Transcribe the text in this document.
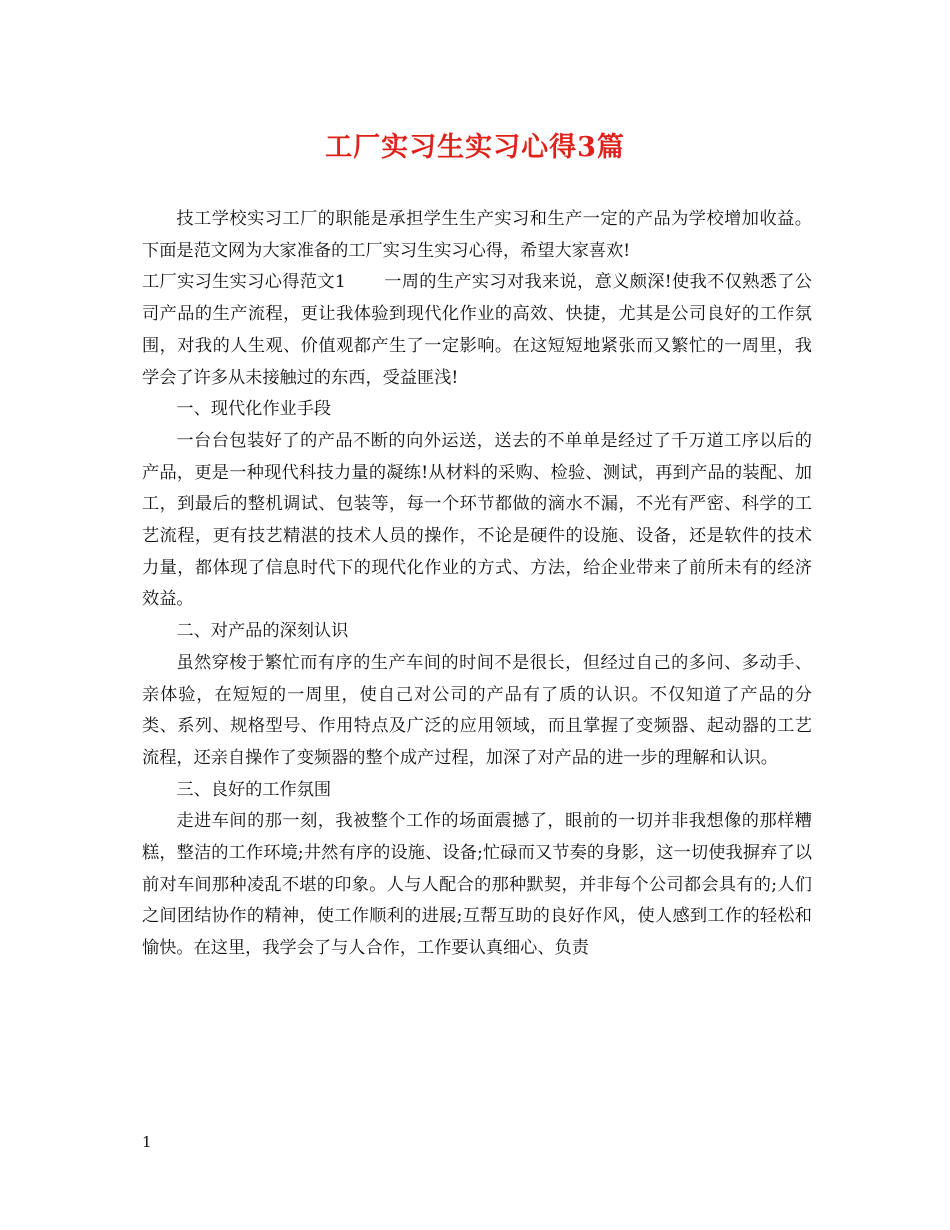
工厂实习生实习心得3篇

技工学校实习工厂的职能是承担学生生产实习和生产一定的产品为学校增加收益。下面是范文网为大家准备的工厂实习生实习心得，希望大家喜欢!

工厂实习生实习心得范文1 一周的生产实习对我来说，意义颇深!使我不仅熟悉了公司产品的生产流程，更让我体验到现代化作业的高效、快捷，尤其是公司良好的工作氛围，对我的人生观、价值观都产生了一定影响。在这短短地紧张而又繁忙的一周里，我学会了许多从未接触过的东西，受益匪浅!

一、现代化作业手段

一台台包装好了的产品不断的向外运送，送去的不单单是经过了千万道工序以后的产品，更是一种现代科技力量的凝练!从材料的采购、检验、测试，再到产品的装配、加工，到最后的整机调试、包装等，每一个环节都做的滴水不漏，不光有严密、科学的工艺流程，更有技艺精湛的技术人员的操作，不论是硬件的设施、设备，还是软件的技术力量，都体现了信息时代下的现代化作业的方式、方法，给企业带来了前所未有的经济效益。

二、对产品的深刻认识

虽然穿梭于繁忙而有序的生产车间的时间不是很长，但经过自己的多问、多动手、亲体验，在短短的一周里，使自己对公司的产品有了质的认识。不仅知道了产品的分类、系列、规格型号、作用特点及广泛的应用领域，而且掌握了变频器、起动器的工艺流程，还亲自操作了变频器的整个成产过程，加深了对产品的进一步的理解和认识。

三、良好的工作氛围

走进车间的那一刻，我被整个工作的场面震撼了，眼前的一切并非我想像的那样糟糕，整洁的工作环境;井然有序的设施、设备;忙碌而又节奏的身影，这一切使我摒弃了以前对车间那种凌乱不堪的印象。人与人配合的那种默契，并非每个公司都会具有的;人们之间团结协作的精神，使工作顺利的进展;互帮互助的良好作风，使人感到工作的轻松和愉快。在这里，我学会了与人合作，工作要认真细心、负责

1
